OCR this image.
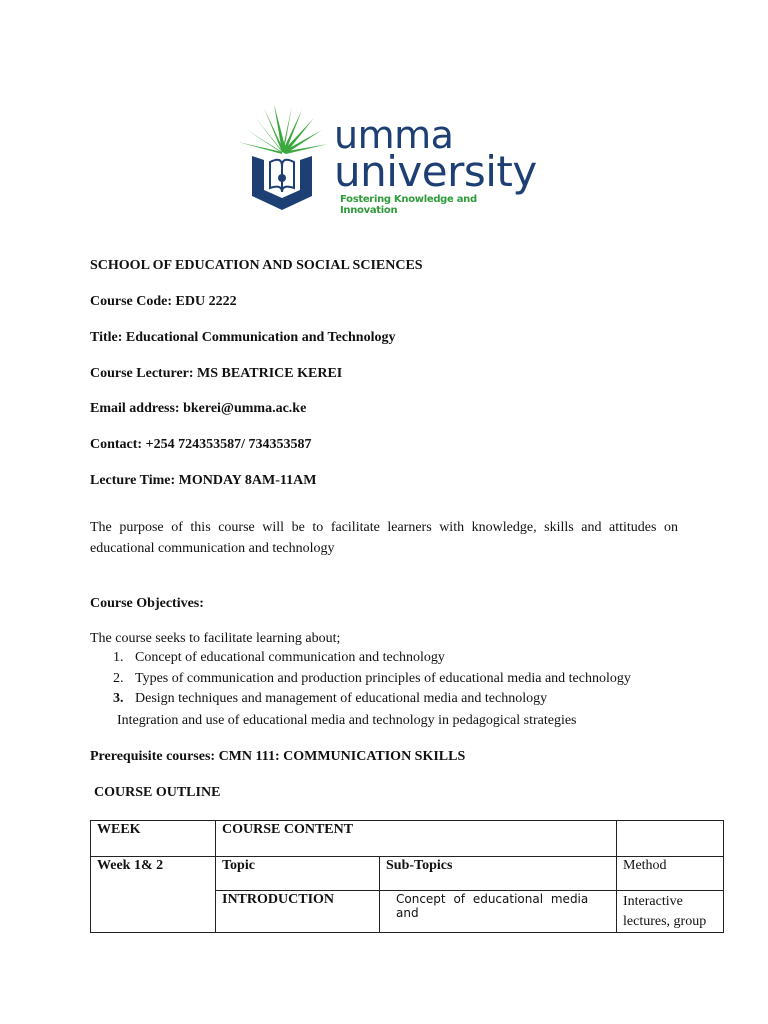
umma
university
Fostering Knowledge and Innovation
SCHOOL OF EDUCATION AND SOCIAL SCIENCES
Course Code: EDU 2222
Title: Educational Communication and Technology
Course Lecturer: MS BEATRICE KEREI
Email address: bkerei@umma.ac.ke
Contact: +254 724353587/ 734353587
Lecture Time: MONDAY 8AM-11AM
The purpose of this course will be to facilitate learners with knowledge, skills and attitudes on educational communication and technology
Course Objectives:
The course seeks to facilitate learning about;
1. Concept of educational communication and technology
2. Types of communication and production principles of educational media and technology
3. Design techniques and management of educational media and technology
Integration and use of educational media and technology in pedagogical strategies
Prerequisite courses: CMN 111: COMMUNICATION SKILLS
COURSE OUTLINE
WEEK	COURSE CONTENT		
Week 1& 2	Topic	Sub-Topics	Method
	INTRODUCTION	Concept of educational media and	Interactive lectures, group
